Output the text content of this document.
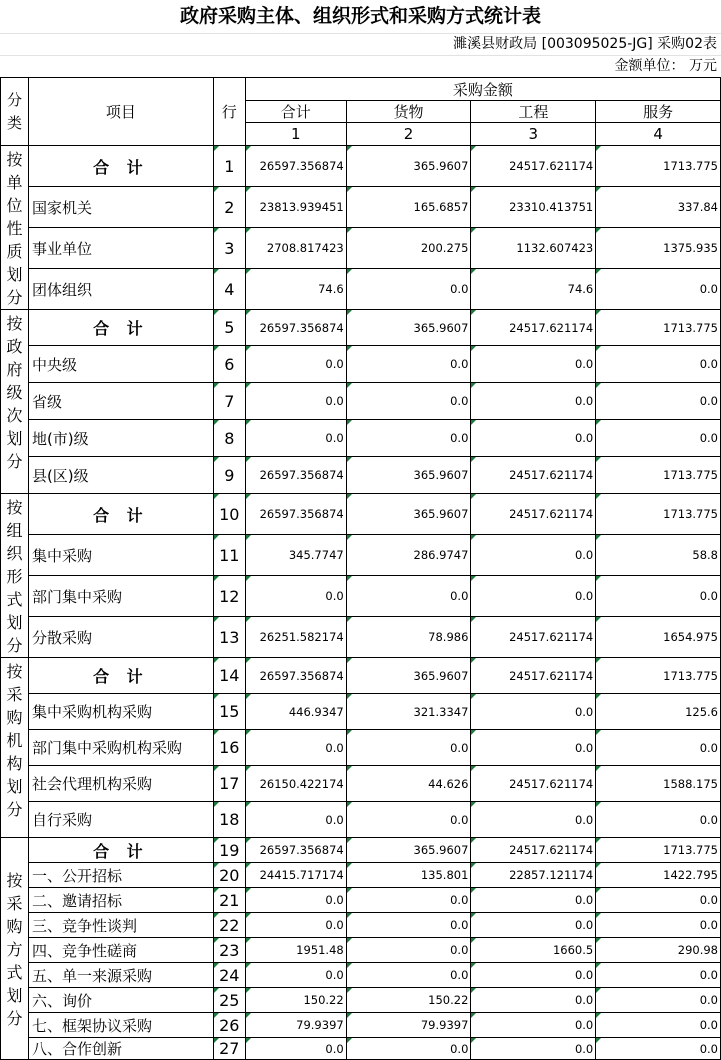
政府采购主体、组织形式和采购方式统计表
濉溪县财政局 [003095025-JG] 采购02表
金额单位： 万元
分类	项目	行	采购金额			
			合计	货物	工程	服务
			1	2	3	4
按单位性质划分	合 计	1	26597.356874	365.9607	24517.621174	1713.775
	国家机关	2	23813.939451	165.6857	23310.413751	337.84
	事业单位	3	2708.817423	200.275	1132.607423	1375.935
	团体组织	4	74.6	0.0	74.6	0.0
按政府级次划分	合 计	5	26597.356874	365.9607	24517.621174	1713.775
	中央级	6	0.0	0.0	0.0	0.0
	省级	7	0.0	0.0	0.0	0.0
	地(市)级	8	0.0	0.0	0.0	0.0
	县(区)级	9	26597.356874	365.9607	24517.621174	1713.775
按组织形式划分	合 计	10	26597.356874	365.9607	24517.621174	1713.775
	集中采购	11	345.7747	286.9747	0.0	58.8
	部门集中采购	12	0.0	0.0	0.0	0.0
	分散采购	13	26251.582174	78.986	24517.621174	1654.975
按采购机构划分	合 计	14	26597.356874	365.9607	24517.621174	1713.775
	集中采购机构采购	15	446.9347	321.3347	0.0	125.6
	部门集中采购机构采购	16	0.0	0.0	0.0	0.0
	社会代理机构采购	17	26150.422174	44.626	24517.621174	1588.175
	自行采购	18	0.0	0.0	0.0	0.0
按采购方式划分	合 计	19	26597.356874	365.9607	24517.621174	1713.775
	一、公开招标	20	24415.717174	135.801	22857.121174	1422.795
	二、邀请招标	21	0.0	0.0	0.0	0.0
	三、竞争性谈判	22	0.0	0.0	0.0	0.0
	四、竞争性磋商	23	1951.48	0.0	1660.5	290.98
	五、单一来源采购	24	0.0	0.0	0.0	0.0
	六、询价	25	150.22	150.22	0.0	0.0
	七、框架协议采购	26	79.9397	79.9397	0.0	0.0
	八、合作创新	27	0.0	0.0	0.0	0.0
